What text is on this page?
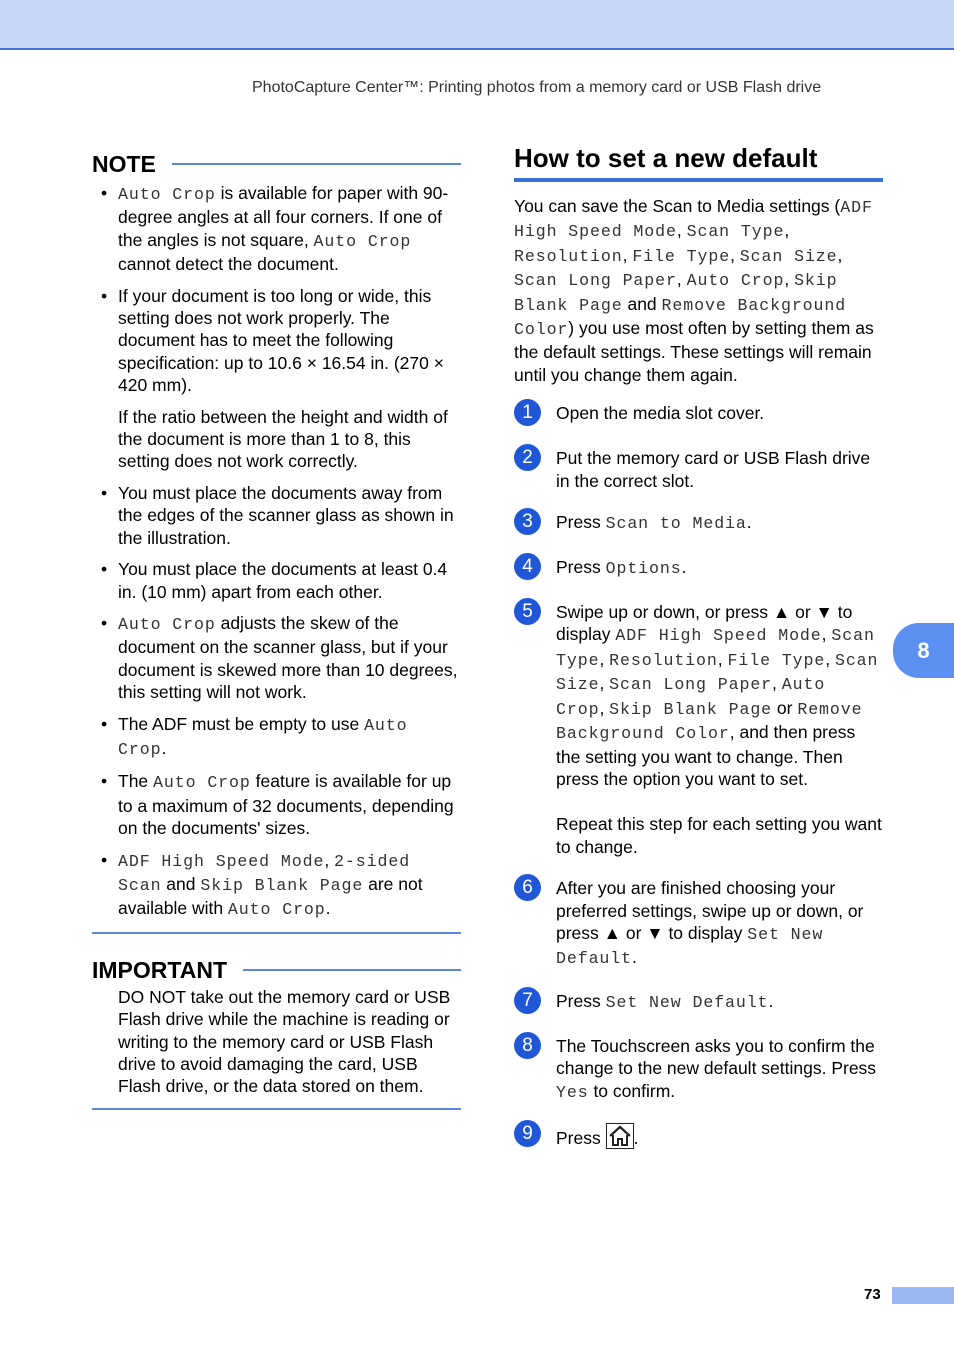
PhotoCapture Center™: Printing photos from a memory card or USB Flash drive
NOTE
• Auto Crop is available for paper with 90-degree angles at all four corners. If one of the angles is not square, Auto Crop cannot detect the document.
• If your document is too long or wide, this setting does not work properly. The document has to meet the following specification: up to 10.6 × 16.54 in. (270 × 420 mm).

If the ratio between the height and width of the document is more than 1 to 8, this setting does not work correctly.

• You must place the documents away from the edges of the scanner glass as shown in the illustration.
• You must place the documents at least 0.4 in. (10 mm) apart from each other.
• Auto Crop adjusts the skew of the document on the scanner glass, but if your document is skewed more than 10 degrees, this setting will not work.
• The ADF must be empty to use Auto Crop.
• The Auto Crop feature is available for up to a maximum of 32 documents, depending on the documents' sizes.
• ADF High Speed Mode, 2-sided Scan and Skip Blank Page are not available with Auto Crop.
IMPORTANT
DO NOT take out the memory card or USB Flash drive while the machine is reading or writing to the memory card or USB Flash drive to avoid damaging the card, USB Flash drive, or the data stored on them.
How to set a new default
You can save the Scan to Media settings (ADF High Speed Mode, Scan Type, Resolution, File Type, Scan Size, Scan Long Paper, Auto Crop, Skip Blank Page and Remove Background Color) you use most often by setting them as the default settings. These settings will remain until you change them again.
1	Open the media slot cover.
2	Put the memory card or USB Flash drive in the correct slot.
3	Press Scan to Media.
4	Press Options.
5	Swipe up or down, or press ▲ or ▼ to display ADF High Speed Mode, Scan Type, Resolution, File Type, Scan Size, Scan Long Paper, Auto Crop, Skip Blank Page or Remove Background Color, and then press the setting you want to change. Then press the option you want to set.

Repeat this step for each setting you want to change.

6	After you are finished choosing your preferred settings, swipe up or down, or press ▲ or ▼ to display Set New Default.
7	Press Set New Default.
8	The Touchscreen asks you to confirm the change to the new default settings. Press Yes to confirm.
9	Press .
8
73
